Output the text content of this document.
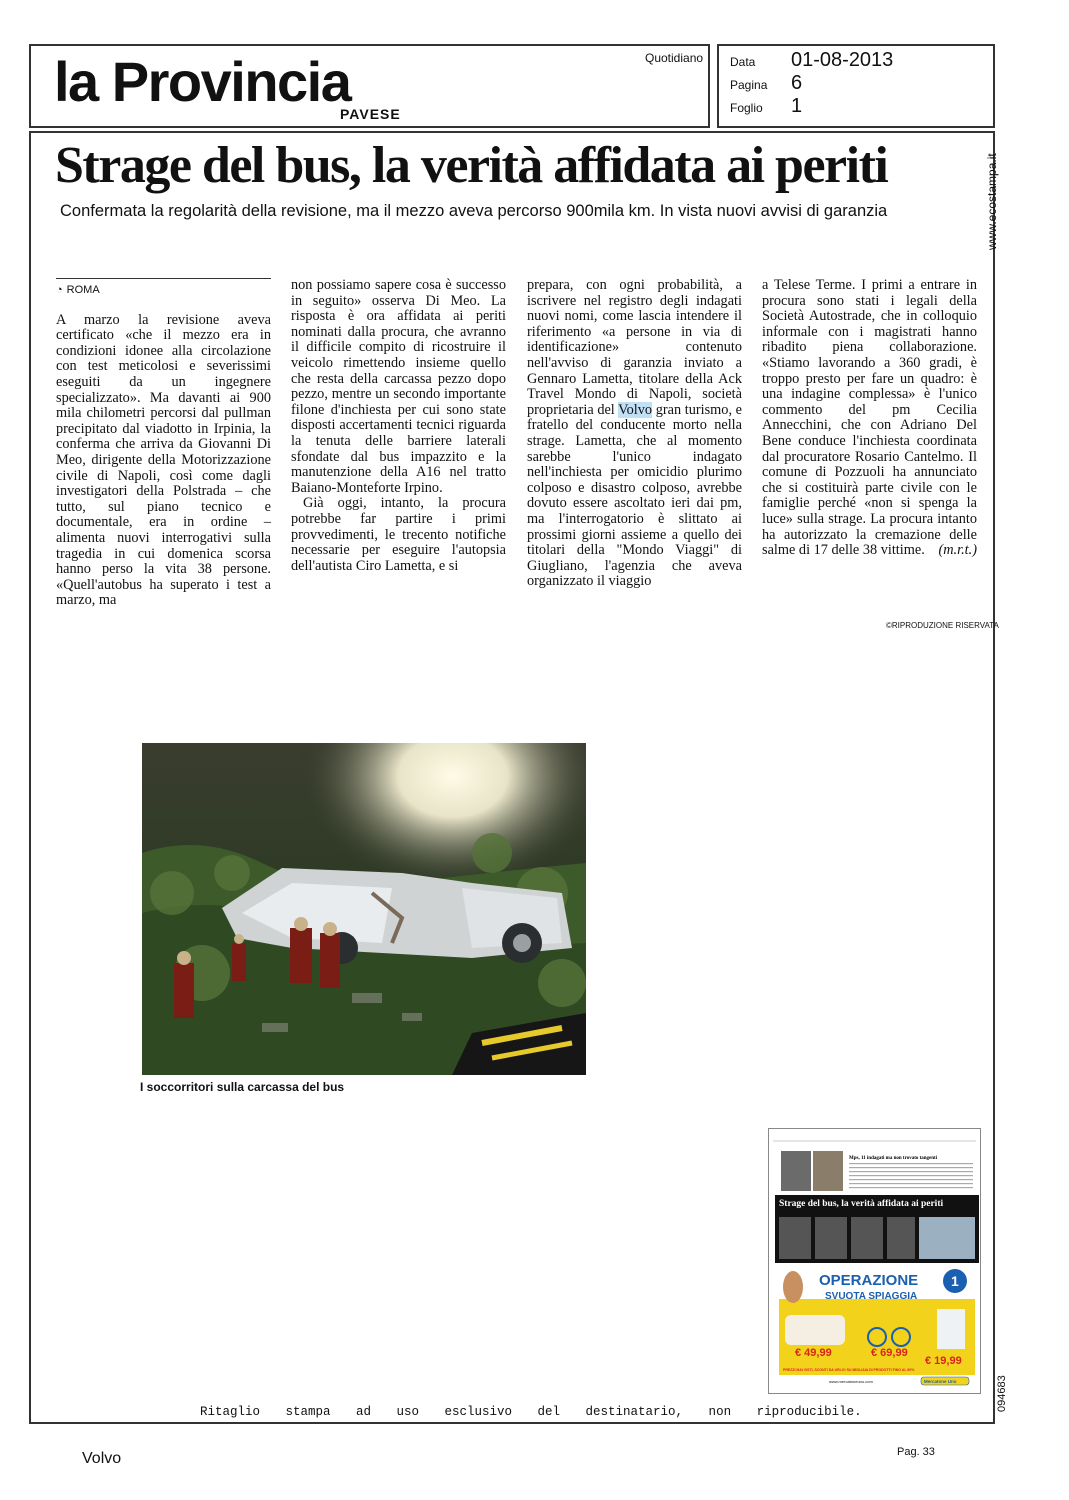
la Provincia
PAVESE
Quotidiano Data 01-08-2013
Pagina 6
Foglio 1
www.ecostampa.it
094683
Strage del bus, la verità affidata ai periti
Confermata la regolarità della revisione, ma il mezzo aveva percorso 900mila km. In vista nuovi avvisi di garanzia
◔ ROMA

A marzo la revisione aveva certificato «che il mezzo era in condizioni idonee alla circolazione con test meticolosi e severissimi eseguiti da un ingegnere specializzato». Ma davanti ai 900 mila chilometri percorsi dal pullman precipitato dal viadotto in Irpinia, la conferma che arriva da Giovanni Di Meo, dirigente della Motorizzazione civile di Napoli, così come dagli investigatori della Polstrada – che tutto, sul piano tecnico e documentale, era in ordine – alimenta nuovi interrogativi sulla tragedia in cui domenica scorsa hanno perso la vita 38 persone. «Quell'autobus ha superato i test a marzo, ma

non possiamo sapere cosa è successo in seguito» osserva Di Meo. La risposta è ora affidata ai periti nominati dalla procura, che avranno il difficile compito di ricostruire il veicolo rimettendo insieme quello che resta della carcassa pezzo dopo pezzo, mentre un secondo importante filone d'inchiesta per cui sono state disposti accertamenti tecnici riguarda la tenuta delle barriere laterali sfondate dal bus impazzito e la manutenzione della A16 nel tratto Baiano-Monteforte Irpino.

Già oggi, intanto, la procura potrebbe far partire i primi provvedimenti, le trecento notifiche necessarie per eseguire l'autopsia dell'autista Ciro Lametta, e si

prepara, con ogni probabilità, a iscrivere nel registro degli indagati nuovi nomi, come lascia intendere il riferimento «a persone in via di identificazione» contenuto nell'avviso di garanzia inviato a Gennaro Lametta, titolare della Ack Travel Mondo di Napoli, società proprietaria del Volvo gran turismo, e fratello del conducente morto nella strage. Lametta, che al momento sarebbe l'unico indagato nell'inchiesta per omicidio plurimo colposo e disastro colposo, avrebbe dovuto essere ascoltato ieri dai pm, ma l'interrogatorio è slittato ai prossimi giorni assieme a quello dei titolari della "Mondo Viaggi" di Giugliano, l'agenzia che aveva organizzato il viaggio

a Telese Terme. I primi a entrare in procura sono stati i legali della Società Autostrade, che in colloquio informale con i magistrati hanno ribadito piena collaborazione. «Stiamo lavorando a 360 gradi, è troppo presto per fare un quadro: è una indagine complessa» è l'unico commento del pm Cecilia Annecchini, che con Adriano Del Bene conduce l'inchiesta coordinata dal procuratore Rosario Cantelmo. Il comune di Pozzuoli ha annunciato che si costituirà parte civile con le famiglie perché «non si spenga la luce» sulla strage. La procura intanto ha autorizzato la cremazione delle salme di 17 delle 38 vittime. (m.r.t.)

©RIPRODUZIONE RISERVATA
I soccorritori sulla carcassa del bus
Mps, 11 indagati ma non trovato tangenti
Strage del bus, la verità affidata ai periti
OPERAZIONE
SVUOTA SPIAGGIA
1
€ 49,99	€ 69,99
€ 19,99
PREZZI MAI VISTI, SCONTI DA URLO! SU MIGLIAIA DI PRODOTTI FINO AL 60%
www.mercatoneuno.com	Mercatone Uno
Ritaglio stampa ad uso esclusivo del destinatario, non riproducibile.
Volvo	Pag. 33
